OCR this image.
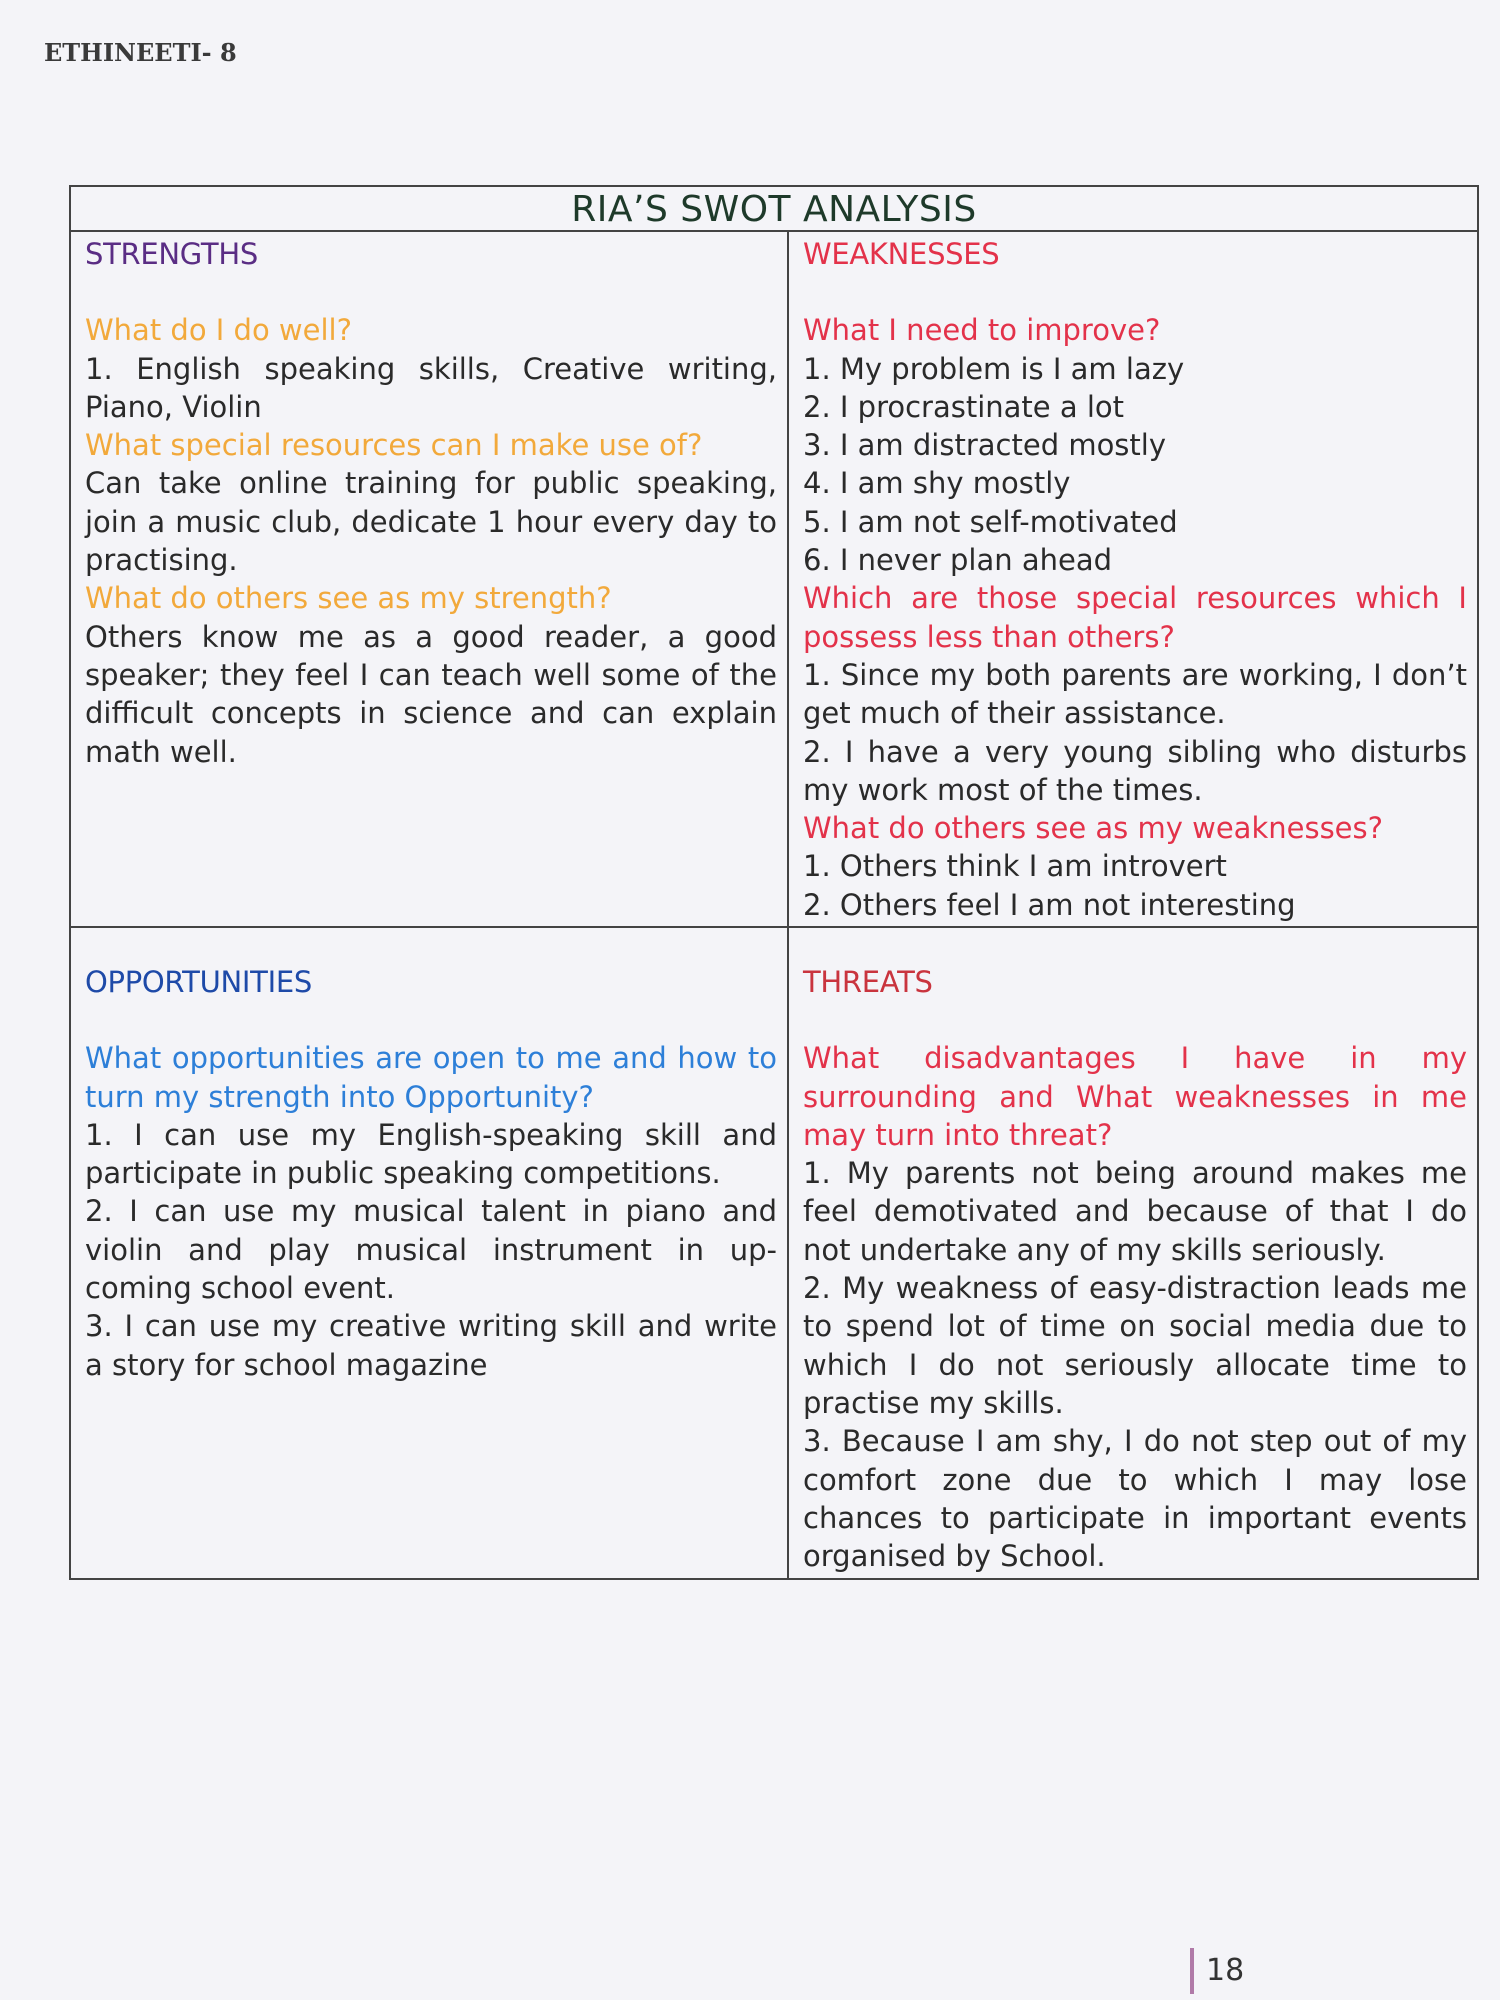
ETHINEETI- 8
RIA’S SWOT ANALYSIS

STRENGTHS

What do I do well?

1. English speaking skills, Creative writing, Piano, Violin

What special resources can I make use of?

Can take online training for public speaking, join a music club, dedicate 1 hour every day to practising.

What do others see as my strength?

Others know me as a good reader, a good speaker; they feel I can teach well some of the difficult concepts in science and can explain math well.

WEAKNESSES

What I need to improve?

1. My problem is I am lazy

2. I procrastinate a lot

3. I am distracted mostly

4. I am shy mostly

5. I am not self-motivated

6. I never plan ahead

Which are those special resources which I possess less than others?

1. Since my both parents are working, I don’t get much of their assistance.

2. I have a very young sibling who disturbs my work most of the times.

What do others see as my weaknesses?

1. Others think I am introvert

2. Others feel I am not interesting

OPPORTUNITIES

What opportunities are open to me and how to turn my strength into Opportunity?

1. I can use my English-speaking skill and participate in public speaking competitions.

2. I can use my musical talent in piano and violin and play musical instrument in up-coming school event.

3. I can use my creative writing skill and write a story for school magazine

THREATS

What disadvantages I have in my surrounding and What weaknesses in me may turn into threat?

1. My parents not being around makes me feel demotivated and because of that I do not undertake any of my skills seriously.

2. My weakness of easy-distraction leads me to spend lot of time on social media due to which I do not seriously allocate time to practise my skills.

3. Because I am shy, I do not step out of my comfort zone due to which I may lose chances to participate in important events organised by School.

18
